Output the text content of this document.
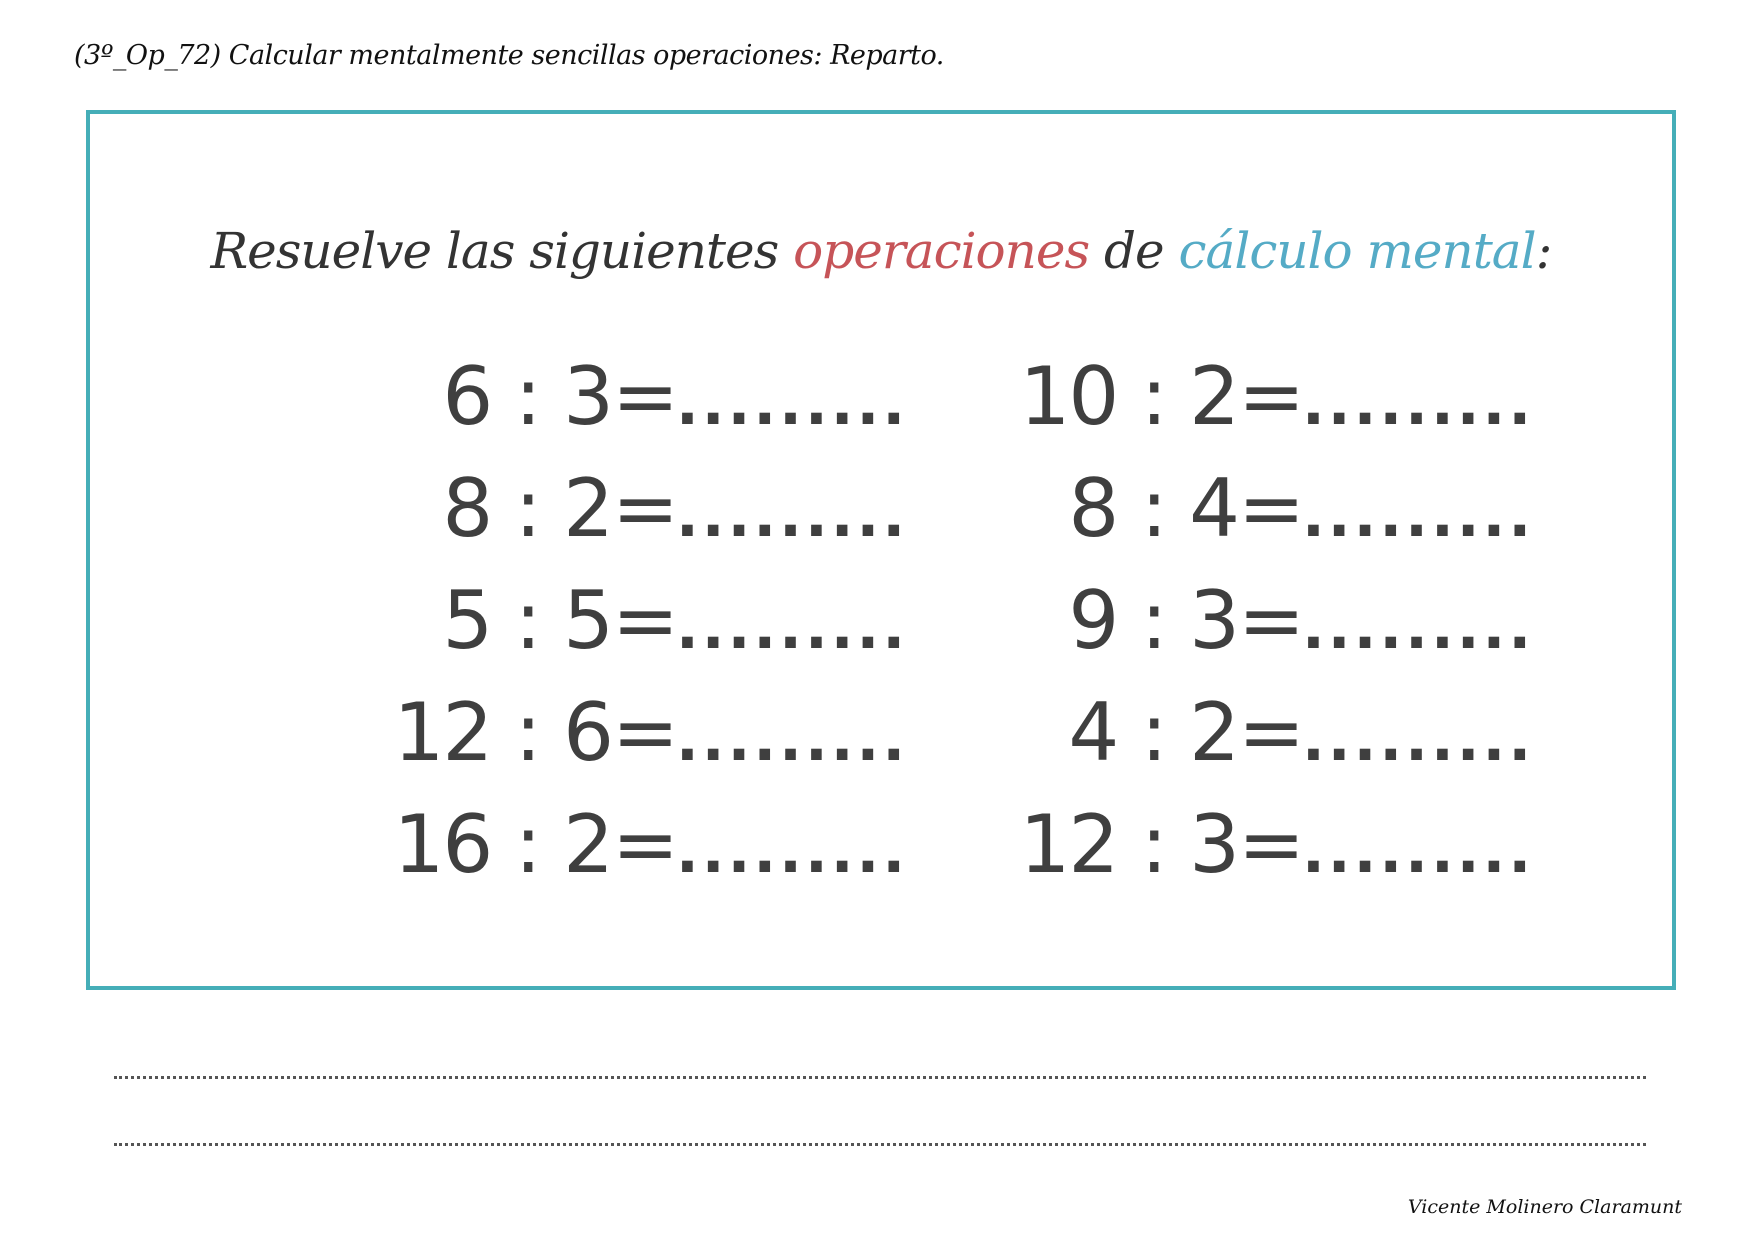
(3º_Op_72) Calcular mentalmente sencillas operaciones: Reparto.
Resuelve las siguientes operaciones de cálculo mental:
6 : 3 =
.........
8 : 2 =
.........
5 : 5 =
.........
12 : 6 =
.........
16 : 2 =
.........
10 : 2 =
.........
8 : 4 =
.........
9 : 3 =
.........
4 : 2 =
.........
12 : 3 =
.........
Vicente Molinero Claramunt
